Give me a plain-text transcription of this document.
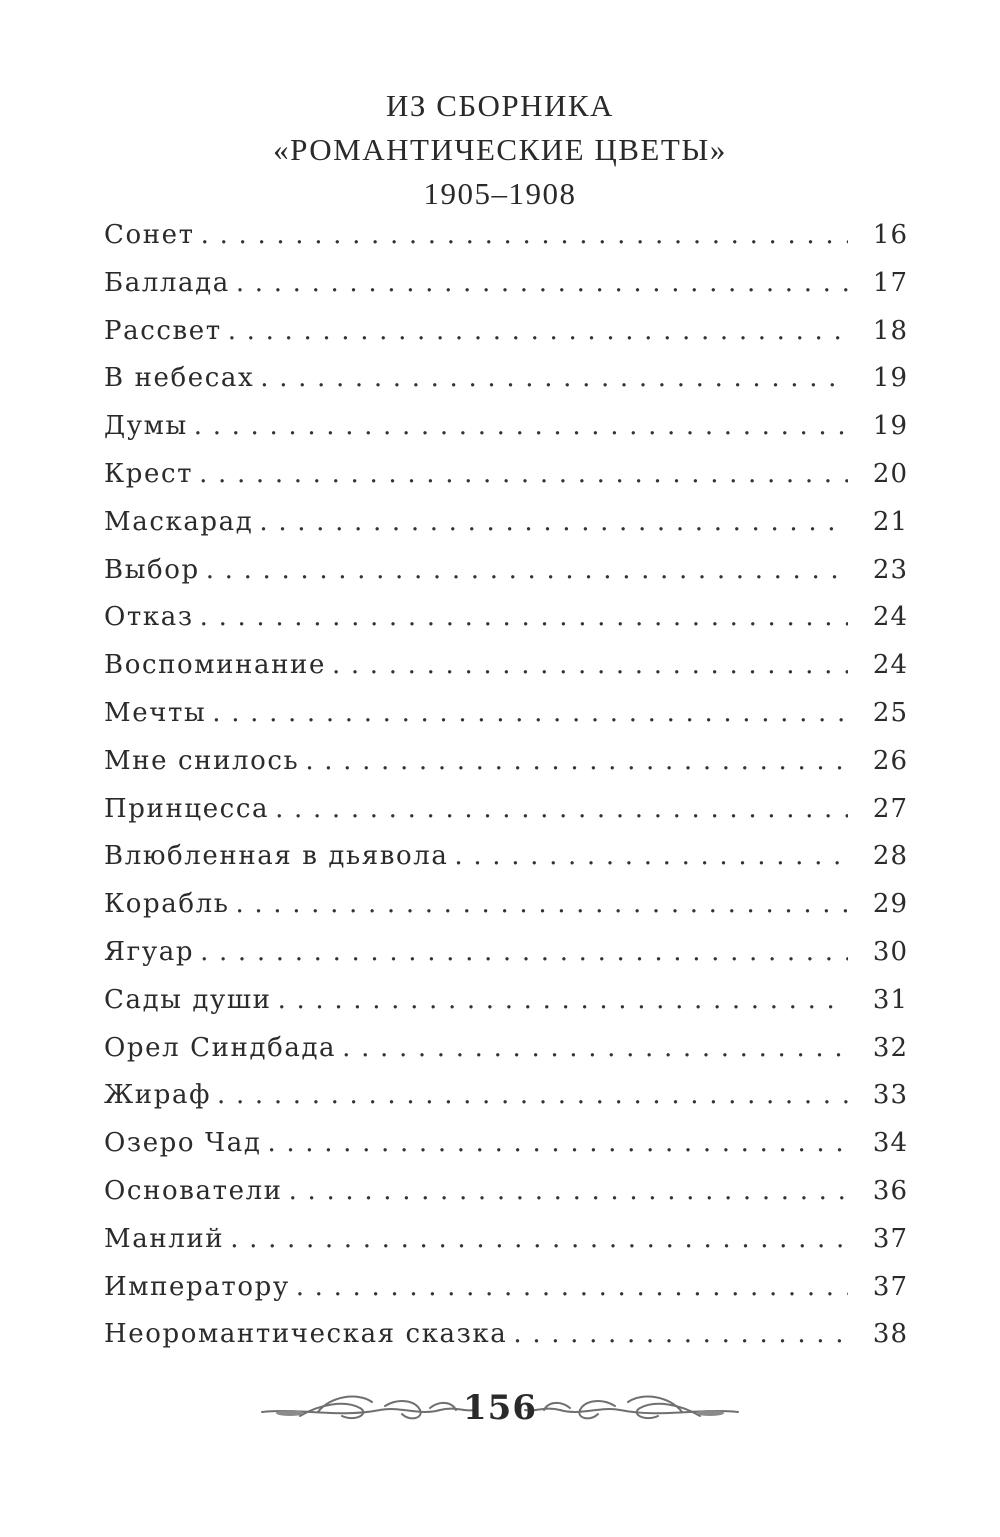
ИЗ СБОРНИКА
«РОМАНТИЧЕСКИЕ ЦВЕТЫ»
1905–1908
Сонет . . .	16
Баллада . . .	17
Рассвет . . .	18
В небесах . . .	19
Думы . . .	19
Крест . . .	20
Маскарад . . .	21
Выбор . . .	23
Отказ . . .	24
Воспоминание . . .	24
Мечты . . .	25
Мне снилось . . .	26
Принцесса . . .	27
Влюбленная в дьявола . . .	28
Корабль . . .	29
Ягуар . . .	30
Сады души . . .	31
Орел Синдбада . . .	32
Жираф . . .	33
Озеро Чад . . .	34
Основатели . . .	36
Манлий . . .	37
Императору . . .	37
Неоромантическая сказка . . .	38
156
